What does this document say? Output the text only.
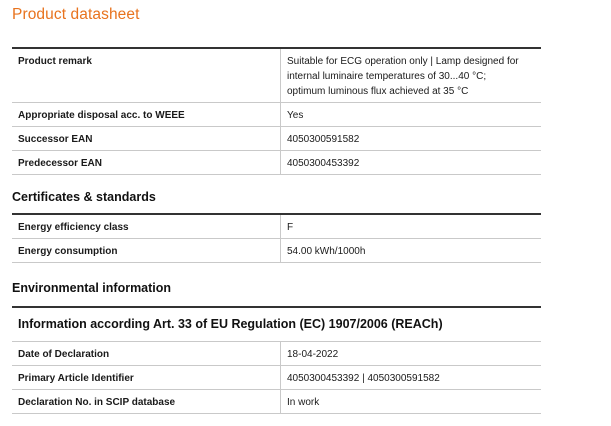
Product datasheet
Product remark	Suitable for ECG operation only | Lamp designed for
internal luminaire temperatures of 30...40 °C;
optimum luminous flux achieved at 35 °C

Appropriate disposal acc. to WEEE	Yes
Successor EAN	4050300591582
Predecessor EAN	4050300453392
Certificates & standards
Energy efficiency class	F
Energy consumption	54.00 kWh/1000h
Environmental information
Information according Art. 33 of EU Regulation (EC) 1907/2006 (REACh)
Date of Declaration	18-04-2022
Primary Article Identifier	4050300453392 | 4050300591582
Declaration No. in SCIP database	In work
